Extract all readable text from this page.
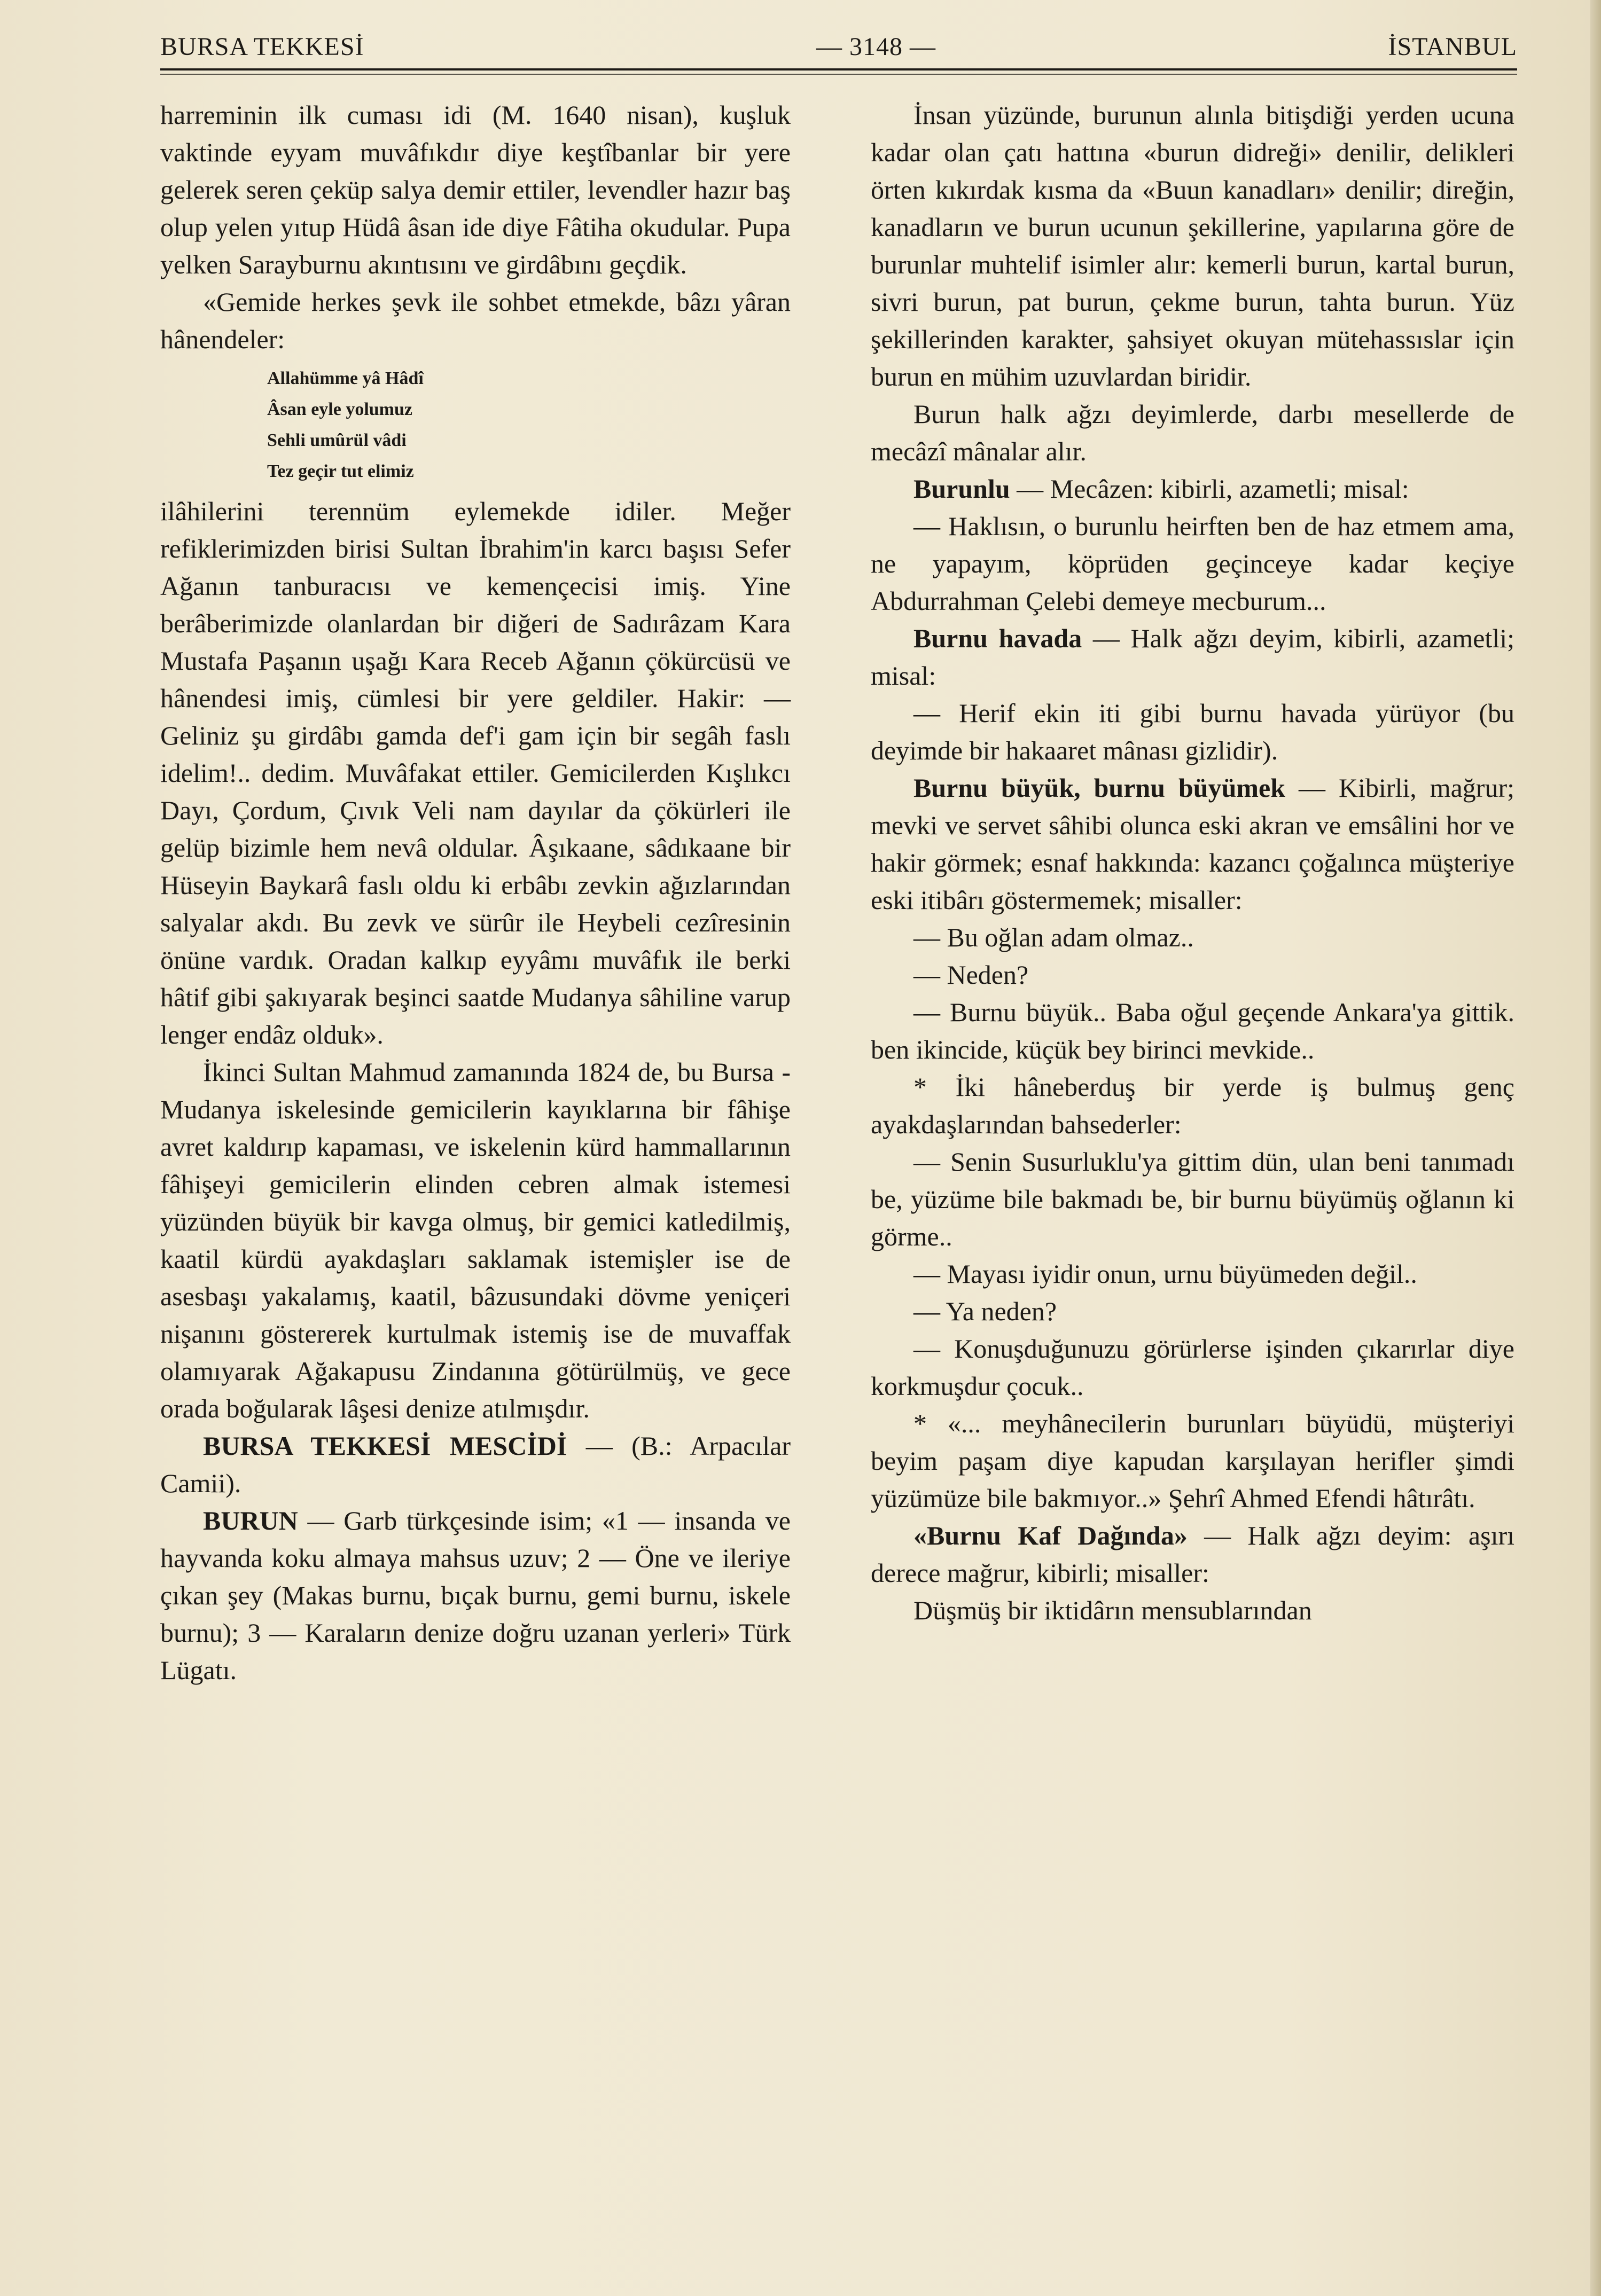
BURSA TEKKESİ	— 3148 —	İSTANBUL

harreminin ilk cuması idi (M. 1640 nisan), kuşluk vaktinde eyyam muvâfıkdır diye keştîbanlar bir yere gelerek seren çeküp salya demir ettiler, levendler hazır baş olup yelen yıtup Hüdâ âsan ide diye Fâtiha okudular. Pupa yelken Sarayburnu akıntısını ve girdâbını geçdik.

«Gemide herkes şevk ile sohbet etmekde, bâzı yâran hânendeler:

Allahümme yâ Hâdî
Âsan eyle yolumuz
Sehli umûrül vâdi
Tez geçir tut elimiz

ilâhilerini terennüm eylemekde idiler. Meğer refiklerimizden birisi Sultan İbrahim'in karcı başısı Sefer Ağanın tanburacısı ve kemençecisi imiş. Yine berâberimizde olanlardan bir diğeri de Sadırâzam Kara Mustafa Paşanın uşağı Kara Receb Ağanın çökürcüsü ve hânendesi imiş, cümlesi bir yere geldiler. Hakir: — Geliniz şu girdâbı gamda def'i gam için bir segâh faslı idelim!.. dedim. Muvâfakat ettiler. Gemicilerden Kışlıkcı Dayı, Çordum, Çıvık Veli nam dayılar da çökürleri ile gelüp bizimle hem nevâ oldular. Âşıkaane, sâdıkaane bir Hüseyin Baykarâ faslı oldu ki erbâbı zevkin ağızlarından salyalar akdı. Bu zevk ve sürûr ile Heybeli cezîresinin önüne vardık. Oradan kalkıp eyyâmı muvâfık ile berki hâtif gibi şakıyarak beşinci saatde Mudanya sâhiline varup lenger endâz olduk».

İkinci Sultan Mahmud zamanında 1824 de, bu Bursa - Mudanya iskelesinde gemicilerin kayıklarına bir fâhişe avret kaldırıp kapaması, ve iskelenin kürd hammallarının fâhişeyi gemicilerin elinden cebren almak istemesi yüzünden büyük bir kavga olmuş, bir gemici katledilmiş, kaatil kürdü ayakdaşları saklamak istemişler ise de asesbaşı yakalamış, kaatil, bâzusundaki dövme yeniçeri nişanını göstererek kurtulmak istemiş ise de muvaffak olamıyarak Ağakapusu Zindanına götürülmüş, ve gece orada boğularak lâşesi denize atılmışdır.

BURSA TEKKESİ MESCİDİ — (B.: Arpacılar Camii).

BURUN — Garb türkçesinde isim; «1 — insanda ve hayvanda koku almaya mahsus uzuv; 2 — Öne ve ileriye çıkan şey (Makas burnu, bıçak burnu, gemi burnu, iskele burnu); 3 — Karaların denize doğru uzanan yerleri» Türk Lügatı.

İnsan yüzünde, burunun alınla bitişdiği yerden ucuna kadar olan çatı hattına «burun didreği» denilir, delikleri örten kıkırdak kısma da «Buun kanadları» denilir; direğin, kanadların ve burun ucunun şekillerine, yapılarına göre de burunlar muhtelif isimler alır: kemerli burun, kartal burun, sivri burun, pat burun, çekme burun, tahta burun. Yüz şekillerinden karakter, şahsiyet okuyan mütehassıslar için burun en mühim uzuvlardan biridir.

Burun halk ağzı deyimlerde, darbı mesellerde de mecâzî mânalar alır.

Burunlu — Mecâzen: kibirli, azametli; misal:

— Haklısın, o burunlu heirften ben de haz etmem ama, ne yapayım, köprüden geçinceye kadar keçiye Abdurrahman Çelebi demeye mecburum...

Burnu havada — Halk ağzı deyim, kibirli, azametli; misal:

— Herif ekin iti gibi burnu havada yürüyor (bu deyimde bir hakaaret mânası gizlidir).

Burnu büyük, burnu büyümek — Kibirli, mağrur; mevki ve servet sâhibi olunca eski akran ve emsâlini hor ve hakir görmek; esnaf hakkında: kazancı çoğalınca müşteriye eski itibârı göstermemek; misaller:

— Bu oğlan adam olmaz..

— Neden?

— Burnu büyük.. Baba oğul geçende Ankara'ya gittik. ben ikincide, küçük bey birinci mevkide..

* İki hâneberduş bir yerde iş bulmuş genç ayakdaşlarından bahsederler:

— Senin Susurluklu'ya gittim dün, ulan beni tanımadı be, yüzüme bile bakmadı be, bir burnu büyümüş oğlanın ki görme..

— Mayası iyidir onun, urnu büyümeden değil..

— Ya neden?

— Konuşduğunuzu görürlerse işinden çıkarırlar diye korkmuşdur çocuk..

* «... meyhânecilerin burunları büyüdü, müşteriyi beyim paşam diye kapudan karşılayan herifler şimdi yüzümüze bile bakmıyor..» Şehrî Ahmed Efendi hâtırâtı.

«Burnu Kaf Dağında» — Halk ağzı deyim: aşırı derece mağrur, kibirli; misaller:

Düşmüş bir iktidârın mensublarından
